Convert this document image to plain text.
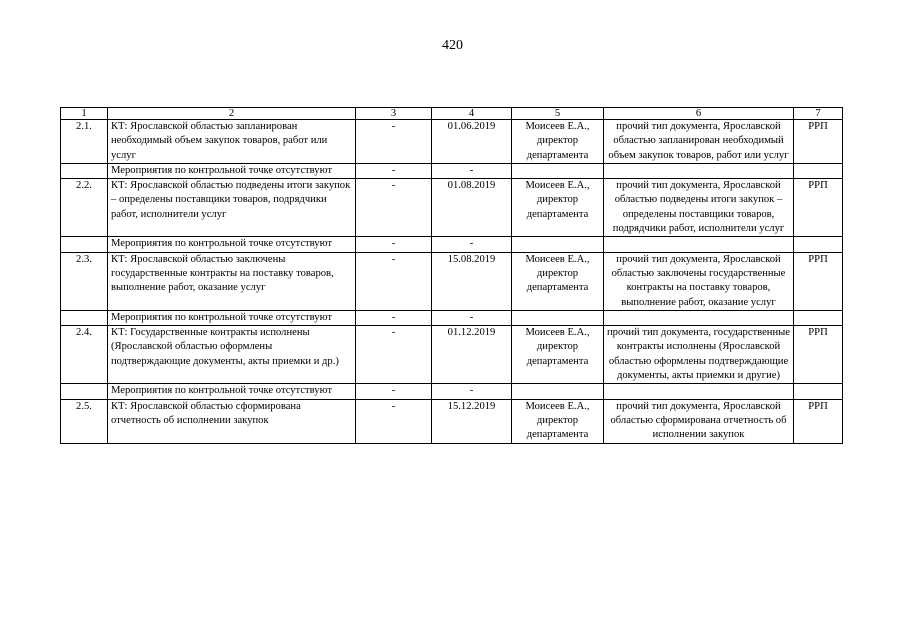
420
1	2	3	4	5	6	7
2.1.	КТ: Ярославской областью запланирован необходимый объем закупок товаров, работ или услуг	-	01.06.2019	Моисеев Е.А., директор департамента	прочий тип документа, Ярославской областью запланирован необходимый объем закупок товаров, работ или услуг	РРП
	Мероприятия по контрольной точке отсутствуют	-	-			
2.2.	КТ: Ярославской областью подведены итоги закупок – определены поставщики товаров, подрядчики работ, исполнители услуг	-	01.08.2019	Моисеев Е.А., директор департамента	прочий тип документа, Ярославской областью подведены итоги закупок – определены поставщики товаров, подрядчики работ, исполнители услуг	РРП
	Мероприятия по контрольной точке отсутствуют	-	-			
2.3.	КТ: Ярославской областью заключены государственные контракты на поставку товаров, выполнение работ, оказание услуг	-	15.08.2019	Моисеев Е.А., директор департамента	прочий тип документа, Ярославской областью заключены государственные контракты на поставку товаров, выполнение работ, оказание услуг	РРП
	Мероприятия по контрольной точке отсутствуют	-	-			
2.4.	КТ: Государственные контракты исполнены (Ярославской областью оформлены подтверждающие документы, акты приемки и др.)	-	01.12.2019	Моисеев Е.А., директор департамента	прочий тип документа, государственные контракты исполнены (Ярославской областью оформлены подтверждающие документы, акты приемки и другие)	РРП
	Мероприятия по контрольной точке отсутствуют	-	-			
2.5.	КТ: Ярославской областью сформирована отчетность об исполнении закупок	-	15.12.2019	Моисеев Е.А., директор департамента	прочий тип документа, Ярославской областью сформирована отчетность об исполнении закупок	РРП
